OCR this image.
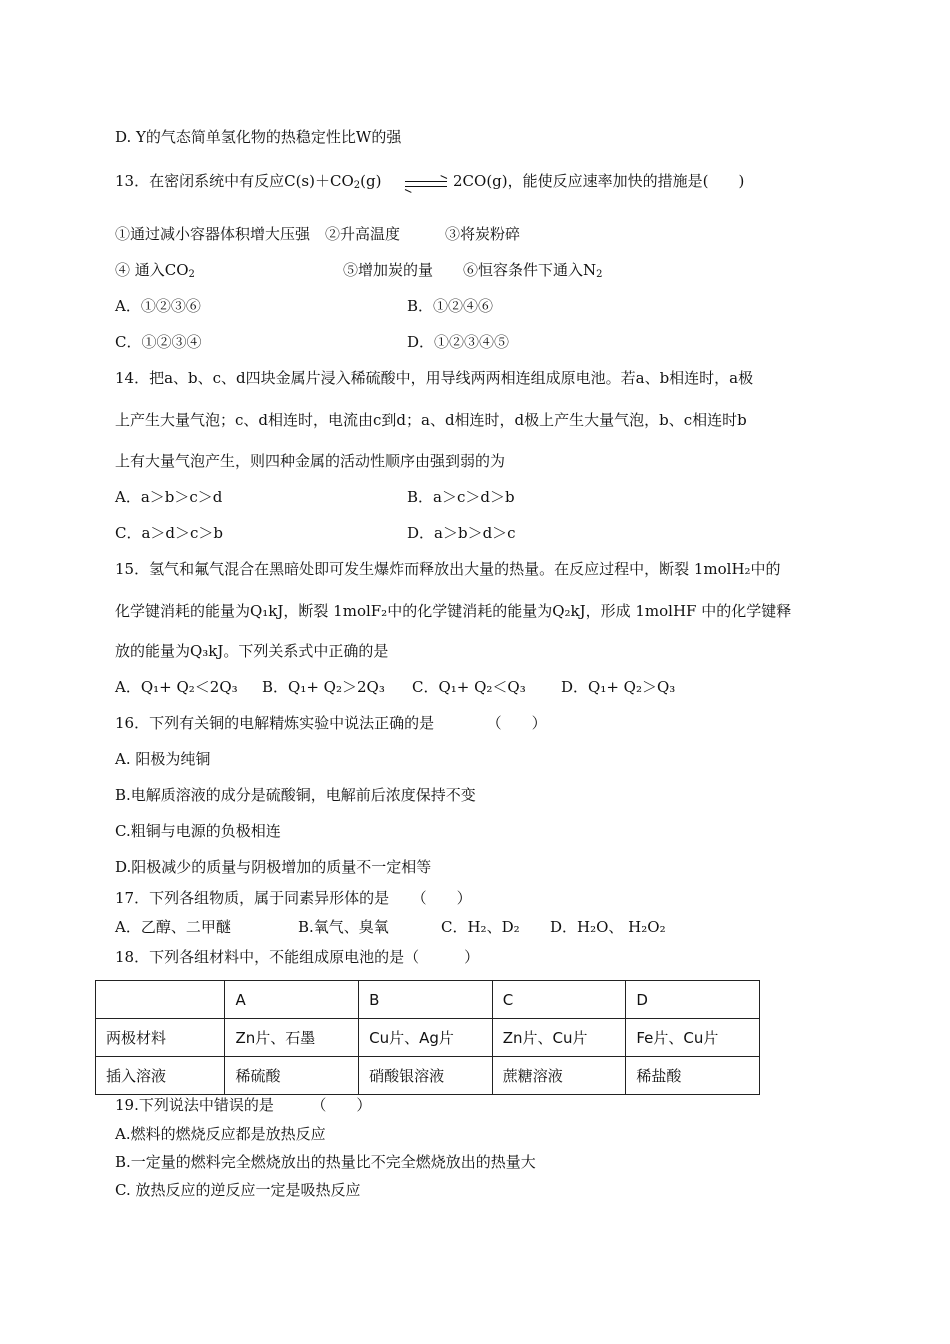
D. Y的气态简单氢化物的热稳定性比W的强
13．在密闭系统中有反应$C(s)+CO_2(g)$	2CO(g)，能使反应速率加快的措施是(　　)
①通过减小容器体积增大压强　②升高温度　　　③将炭粉碎
④ 通入$CO_2$	⑤增加炭的量　　⑥恒容条件下通入$N_2$
A．①②③⑥	B．①②④⑥
C．①②③④	D．①②③④⑤
14．把a、b、c、d四块金属片浸入稀硫酸中，用导线两两相连组成原电池。若a、b相连时，a极
上产生大量气泡；c、d相连时，电流由c到d；a、d相连时，d极上产生大量气泡，b、c相连时b
上有大量气泡产生，则四种金属的活动性顺序由强到弱的为
A．a＞b＞c＞d	B．a＞c＞d＞b
C．a＞d＞c＞b	D．a＞b＞d＞c
15．氢气和氟气混合在黑暗处即可发生爆炸而释放出大量的热量。在反应过程中，断裂 1molH₂中的
化学键消耗的能量为Q₁kJ，断裂 1molF₂中的化学键消耗的能量为Q₂kJ，形成 1molHF 中的化学键释
放的能量为Q₃kJ。下列关系式中正确的是
A．Q₁+ Q₂＜2Q₃ B．Q₁+ Q₂＞2Q₃ C．Q₁+ Q₂＜Q₃ D．Q₁+ Q₂＞Q₃
16．下列有关铜的电解精炼实验中说法正确的是　　　　（　　）
A. 阳极为纯铜
B.电解质溶液的成分是硫酸铜，电解前后浓度保持不变
C.粗铜与电源的负极相连
D.阳极减少的质量与阴极增加的质量不一定相等
17．下列各组物质，属于同素异形体的是　　（　　）
A．乙醇、二甲醚	B.氧气、臭氧	C．H₂、D₂ D．H₂O、 H₂O₂
18．下列各组材料中，不能组成原电池的是（　　　）
	A	B	C	D
两极材料	Zn片、石墨	Cu片、Ag片	Zn片、Cu片	Fe片、Cu片
插入溶液	稀硫酸	硝酸银溶液	蔗糖溶液	稀盐酸
19.下列说法中错误的是　　　（　　）
A.燃料的燃烧反应都是放热反应
B.一定量的燃料完全燃烧放出的热量比不完全燃烧放出的热量大
C. 放热反应的逆反应一定是吸热反应
